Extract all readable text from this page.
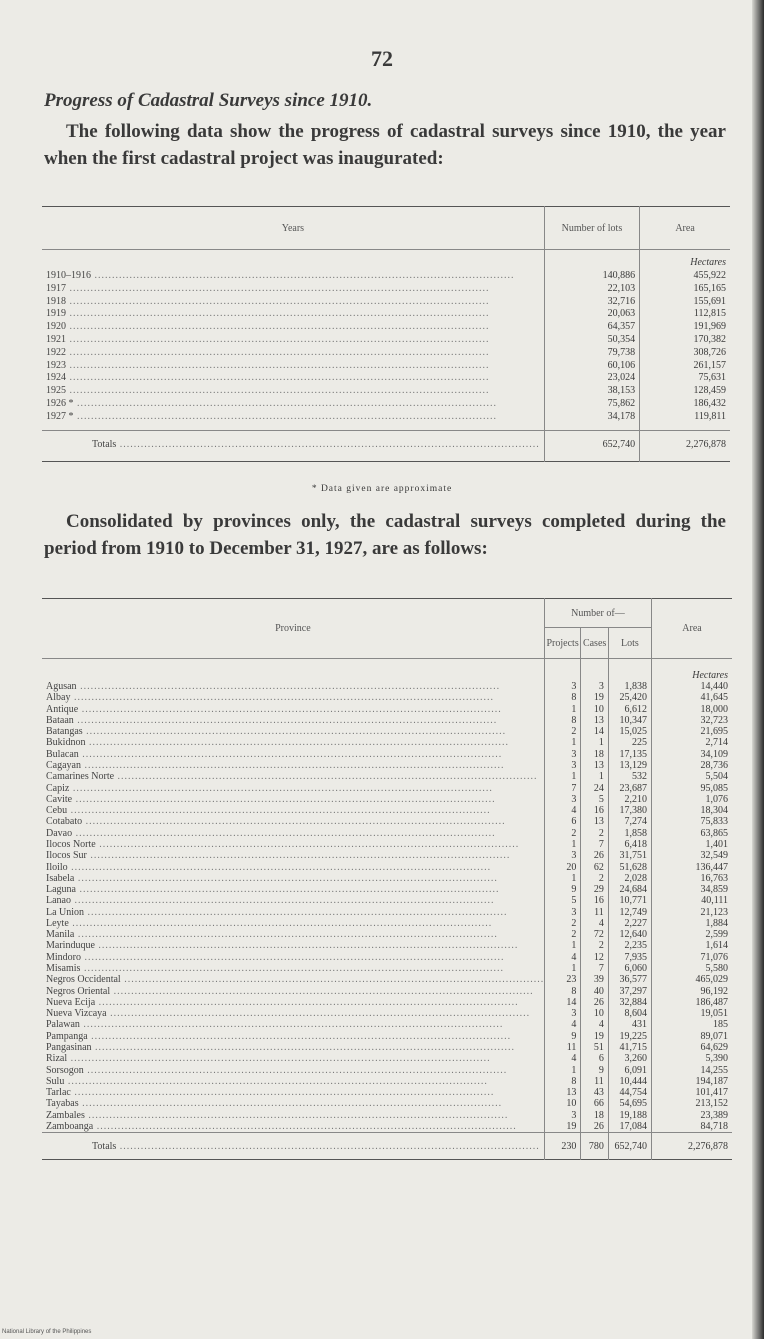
72
Progress of Cadastral Surveys since 1910.
The following data show the progress of cadastral surveys since 1910, the year when the first cadastral project was inaugurated:
Years	Number of lots	Area
		Hectares
1910–1916 .....	140,886	455,922
1917 .....	22,103	165,165
1918 .....	32,716	155,691
1919 .....	20,063	112,815
1920 .....	64,357	191,969
1921 .....	50,354	170,382
1922 .....	79,738	308,726
1923 .....	60,106	261,157
1924 .....	23,024	75,631
1925 .....	38,153	128,459
1926 * .....	75,862	186,432
1927 * .....	34,178	119,811

Totals .....	652,740	2,276,878
* Data given are approximate
Consolidated by provinces only, the cadastral surveys completed during the period from 1910 to December 31, 1927, are as follows:
Province	Number of—			Area
	Projects	Cases	Lots	
				Hectares
Agusan .....	3	3	1,838	14,440
Albay .....	8	19	25,420	41,645
Antique .....	1	10	6,612	18,000
Bataan .....	8	13	10,347	32,723
Batangas .....	2	14	15,025	21,695
Bukidnon .....	1	1	225	2,714
Bulacan .....	3	18	17,135	34,109
Cagayan .....	3	13	13,129	28,736
Camarines Norte .....	1	1	532	5,504
Capiz .....	7	24	23,687	95,085
Cavite .....	3	5	2,210	1,076
Cebu .....	4	16	17,380	18,304
Cotabato .....	6	13	7,274	75,833
Davao .....	2	2	1,858	63,865
Ilocos Norte .....	1	7	6,418	1,401
Ilocos Sur .....	3	26	31,751	32,549
Iloilo .....	20	62	51,628	136,447
Isabela .....	1	2	2,028	16,763
Laguna .....	9	29	24,684	34,859
Lanao .....	5	16	10,771	40,111
La Union .....	3	11	12,749	21,123
Leyte .....	2	4	2,227	1,884
Manila .....	2	72	12,640	2,599
Marinduque .....	1	2	2,235	1,614
Mindoro .....	4	12	7,935	71,076
Misamis .....	1	7	6,060	5,580
Negros Occidental .....	23	39	36,577	465,029
Negros Oriental .....	8	40	37,297	96,192
Nueva Ecija .....	14	26	32,884	186,487
Nueva Vizcaya .....	3	10	8,604	19,051
Palawan .....	4	4	431	185
Pampanga .....	9	19	19,225	89,071
Pangasinan .....	11	51	41,715	64,629
Rizal .....	4	6	3,260	5,390
Sorsogon .....	1	9	6,091	14,255
Sulu .....	8	11	10,444	194,187
Tarlac .....	13	43	44,754	101,417
Tayabas .....	10	66	54,695	213,152
Zambales .....	3	18	19,188	23,389
Zamboanga .....	19	26	17,084	84,718
Totals .....	230	780	652,740	2,276,878
National Library of the Philippines
